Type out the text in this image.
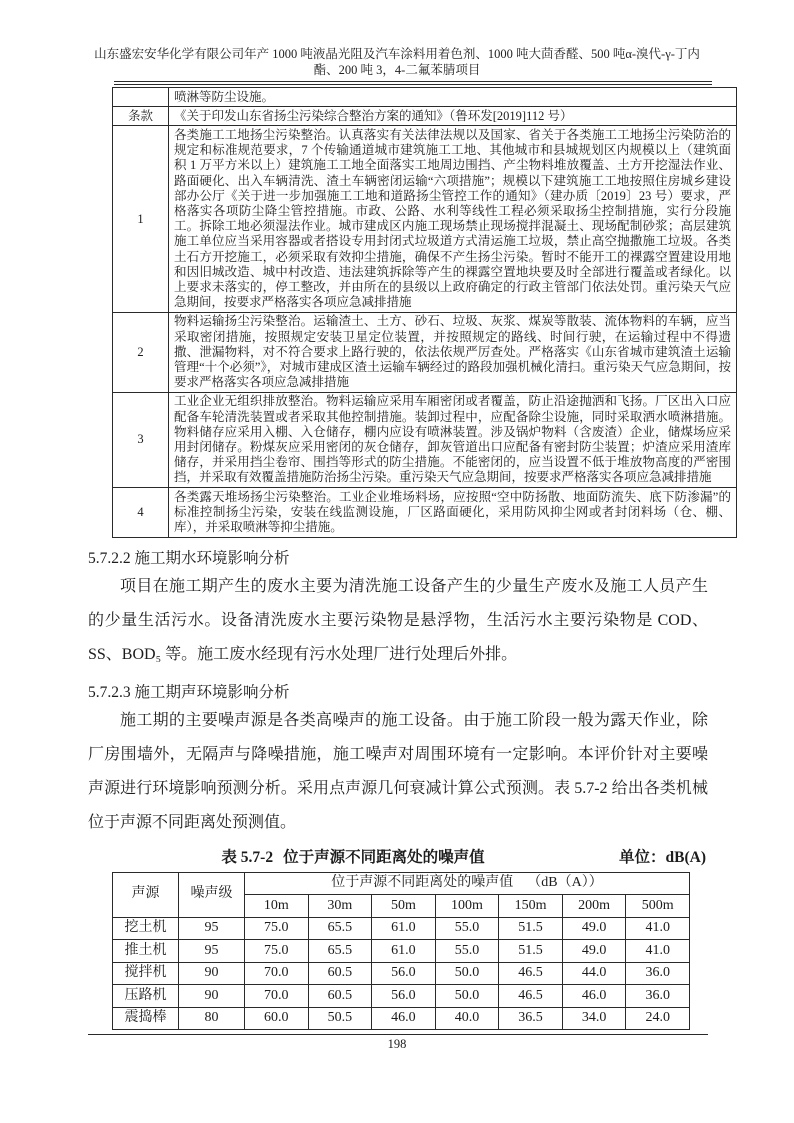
山东盛宏安华化学有限公司年产 1000 吨液晶光阻及汽车涂料用着色剂、1000 吨大茴香醛、500 吨α-溴代-γ-丁内酯、200 吨 3，4-二氟苯腈项目
	喷淋等防尘设施。
条款	《关于印发山东省扬尘污染综合整治方案的通知》（鲁环发[2019]112 号）
1	各类施工工地扬尘污染整治。认真落实有关法律法规以及国家、省关于各类施工工地扬尘污染防治的规定和标准规范要求，7 个传输通道城市建筑施工工地、其他城市和县城规划区内规模以上（建筑面积 1 万平方米以上）建筑施工工地全面落实工地周边围挡、产尘物料堆放覆盖、土方开挖湿法作业、路面硬化、出入车辆清洗、渣土车辆密闭运输“六项措施”；规模以下建筑施工工地按照住房城乡建设部办公厅《关于进一步加强施工工地和道路扬尘管控工作的通知》（建办质〔2019〕23 号）要求，严格落实各项防尘降尘管控措施。市政、公路、水利等线性工程必须采取扬尘控制措施，实行分段施工。拆除工地必须湿法作业。城市建成区内施工现场禁止现场搅拌混凝土、现场配制砂浆；高层建筑施工单位应当采用容器或者搭设专用封闭式垃圾道方式清运施工垃圾，禁止高空抛撒施工垃圾。各类土石方开挖施工，必须采取有效抑尘措施，确保不产生扬尘污染。暂时不能开工的裸露空置建设用地和因旧城改造、城中村改造、违法建筑拆除等产生的裸露空置地块要及时全部进行覆盖或者绿化。以上要求未落实的，停工整改，并由所在的县级以上政府确定的行政主管部门依法处罚。重污染天气应急期间，按要求严格落实各项应急减排措施
2	物料运输扬尘污染整治。运输渣土、土方、砂石、垃圾、灰浆、煤炭等散装、流体物料的车辆，应当采取密闭措施，按照规定安装卫星定位装置，并按照规定的路线、时间行驶，在运输过程中不得遗撒、泄漏物料，对不符合要求上路行驶的，依法依规严厉查处。严格落实《山东省城市建筑渣土运输管理“十个必须”》，对城市建成区渣土运输车辆经过的路段加强机械化清扫。重污染天气应急期间，按要求严格落实各项应急减排措施
3	工业企业无组织排放整治。物料运输应采用车厢密闭或者覆盖，防止沿途抛洒和飞扬。厂区出入口应配备车轮清洗装置或者采取其他控制措施。装卸过程中，应配备除尘设施，同时采取洒水喷淋措施。物料储存应采用入棚、入仓储存，棚内应设有喷淋装置。涉及锅炉物料（含废渣）企业，储煤场应采用封闭储存。粉煤灰应采用密闭的灰仓储存，卸灰管道出口应配备有密封防尘装置；炉渣应采用渣库储存，并采用挡尘卷帘、围挡等形式的防尘措施。不能密闭的，应当设置不低于堆放物高度的严密围挡，并采取有效覆盖措施防治扬尘污染。重污染天气应急期间，按要求严格落实各项应急减排措施
4	各类露天堆场扬尘污染整治。工业企业堆场料场，应按照“空中防扬散、地面防流失、底下防渗漏”的标准控制扬尘污染，安装在线监测设施，厂区路面硬化，采用防风抑尘网或者封闭料场（仓、棚、库），并采取喷淋等抑尘措施。
5.7.2.2 施工期水环境影响分析

项目在施工期产生的废水主要为清洗施工设备产生的少量生产废水及施工人员产生的少量生活污水。设备清洗废水主要污染物是悬浮物，生活污水主要污染物是 COD、SS、BOD₅ 等。施工废水经现有污水处理厂进行处理后外排。

5.7.2.3 施工期声环境影响分析

施工期的主要噪声源是各类高噪声的施工设备。由于施工阶段一般为露天作业，除厂房围墙外，无隔声与降噪措施，施工噪声对周围环境有一定影响。本评价针对主要噪声源进行环境影响预测分析。采用点声源几何衰减计算公式预测。表 5.7-2 给出各类机械位于声源不同距离处预测值。

表 5.7-2 位于声源不同距离处的噪声值	单位：dB(A)
声源	噪声级	位于声源不同距离处的噪声值 （dB（A））						
		10m	30m	50m	100m	150m	200m	500m
挖土机	95	75.0	65.5	61.0	55.0	51.5	49.0	41.0
推土机	95	75.0	65.5	61.0	55.0	51.5	49.0	41.0
搅拌机	90	70.0	60.5	56.0	50.0	46.5	44.0	36.0
压路机	90	70.0	60.5	56.0	50.0	46.5	46.0	36.0
震捣棒	80	60.0	50.5	46.0	40.0	36.5	34.0	24.0
198
